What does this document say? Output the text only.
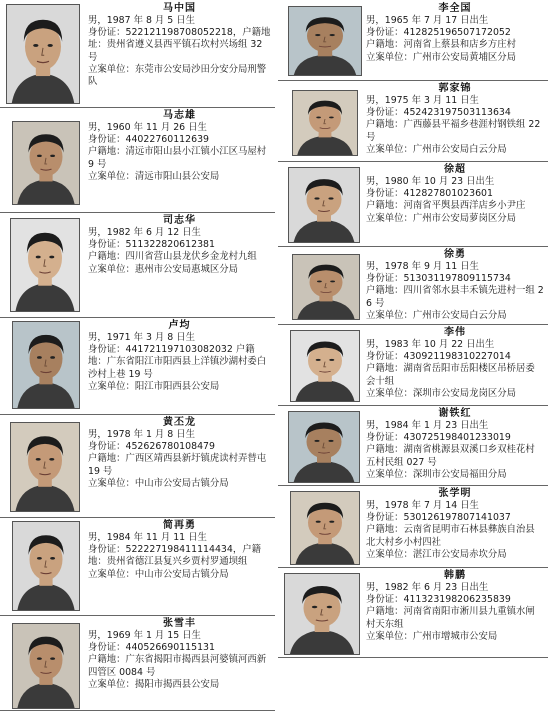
马中国
男，1987 年 8 月 5 日生
身份证：522121198708052218，户籍地址：贵州省遵义县西平镇石坎村兴场组 32 号
立案单位：东莞市公安局沙田分安分局刑警队
马志雄
男，1960 年 11 月 26 日生
身份证：44022760112639
户籍地：清远市阳山县小江镇小江区马屋村 9 号
立案单位：清远市阳山县公安局
司志华
男，1982 年 6 月 12 日生
身份证：511322820612381
户籍地：四川省营山县龙伏乡金龙村九组
立案单位：惠州市公安局惠城区分局
卢均
男，1971 年 3 月 8 日生
身份证：441721197103082032 户籍地：广东省阳江市阳西县上洋镇沙湖村委白沙村上巷 19 号
立案单位：阳江市阳西县公安局
黄丕龙
男，1978 年 1 月 8 日生
身份证：452626780108479
户籍地：广西区靖西县新圩镇虎读村弄替屯 19 号
立案单位：中山市公安局古镇分局
简再勇
男，1984 年 11 月 11 日生
身份证：522227198411114434，户籍地：贵州省德江县复兴乡贾村罗通坝组
立案单位：中山市公安局古镇分局
张雪丰
男，1969 年 1 月 15 日生
身份证：440526690115131
户籍地：广东省揭阳市揭西县河婆镇河西新四管区 0084 号
立案单位：揭阳市揭西县公安局
李全国
男，1965 年 7 月 17 日出生
身份证：412825196507172052
户籍地：河南省上蔡县和店乡方庄村
立案单位：广州市公安局黄埔区分局
郭家锦
男，1975 年 3 月 11 日生
身份证：452423197503113634
户籍地：广西藤县平福乡巷涯村钢铁组 22 号
立案单位：广州市公安局白云分局
徐超
男，1980 年 10 月 23 日出生
身份证：412827801023601
户籍地：河南省平舆县西洋店乡小尹庄
立案单位：广州市公安局萝岗区分局
徐勇
男，1978 年 9 月 11 日生
身份证：513031197809115734
户籍地：四川省邻水县丰禾镇先进村一组 26 号
立案单位：广州市公安局白云分局
李伟
男，1983 年 10 月 22 日出生
身份证：430921198310227014
户籍地：湖南省岳阳市岳阳楼区吊桥居委会十组
立案单位：深圳市公安局龙岗区分局
谢铁红
男，1984 年 1 月 23 日出生
身份证：430725198401233019
户籍地：湖南省桃源县双溪口乡双桂花村五村民组 027 号
立案单位：深圳市公安局福田分局
张学明
男，1978 年 7 月 14 日生
身份证：53012619780714103​7
户籍地：云南省昆明市石林县彝族自治县北大村乡小村四社
立案单位：湛江市公安局赤坎分局
韩鹏
男，1982 年 6 月 23 日出生
身份证：411323198206235839
户籍地：河南省南阳市淅川县九重镇水闸村天东组
立案单位：广州市增城市公安局
